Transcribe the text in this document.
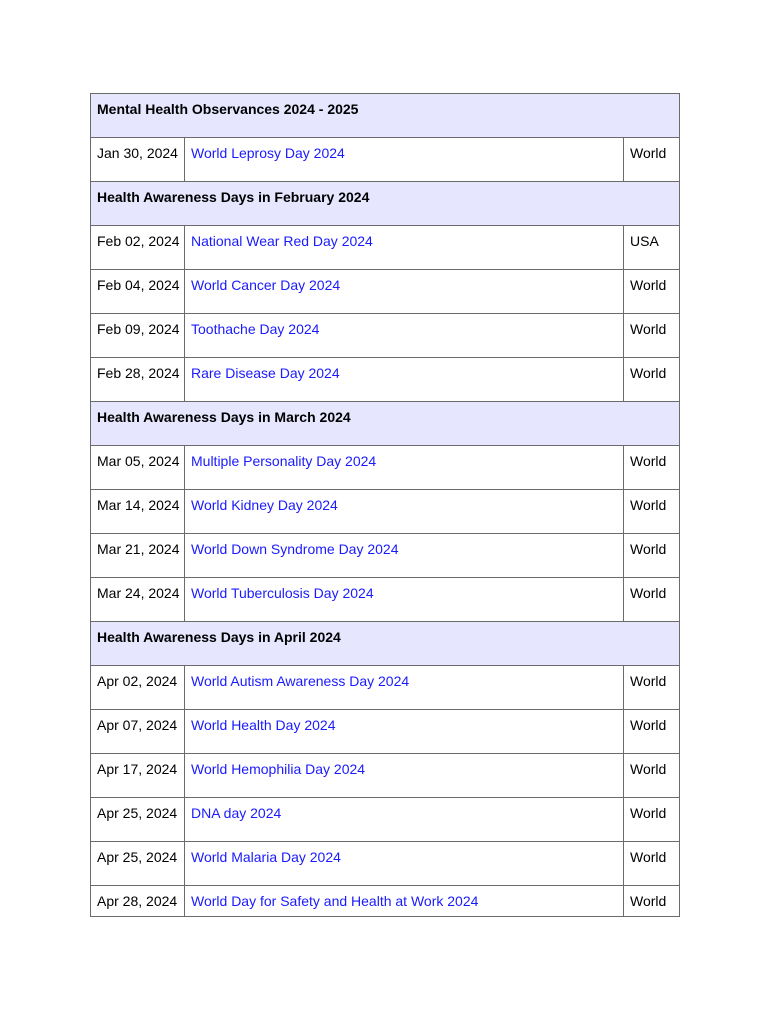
Mental Health Observances 2024 - 2025		
Jan 30, 2024	World Leprosy Day 2024	World
Health Awareness Days in February 2024		
Feb 02, 2024	National Wear Red Day 2024	USA
Feb 04, 2024	World Cancer Day 2024	World
Feb 09, 2024	Toothache Day 2024	World
Feb 28, 2024	Rare Disease Day 2024	World
Health Awareness Days in March 2024		
Mar 05, 2024	Multiple Personality Day 2024	World
Mar 14, 2024	World Kidney Day 2024	World
Mar 21, 2024	World Down Syndrome Day 2024	World
Mar 24, 2024	World Tuberculosis Day 2024	World
Health Awareness Days in April 2024		
Apr 02, 2024	World Autism Awareness Day 2024	World
Apr 07, 2024	World Health Day 2024	World
Apr 17, 2024	World Hemophilia Day 2024	World
Apr 25, 2024	DNA day 2024	World
Apr 25, 2024	World Malaria Day 2024	World
Apr 28, 2024	World Day for Safety and Health at Work 2024	World
